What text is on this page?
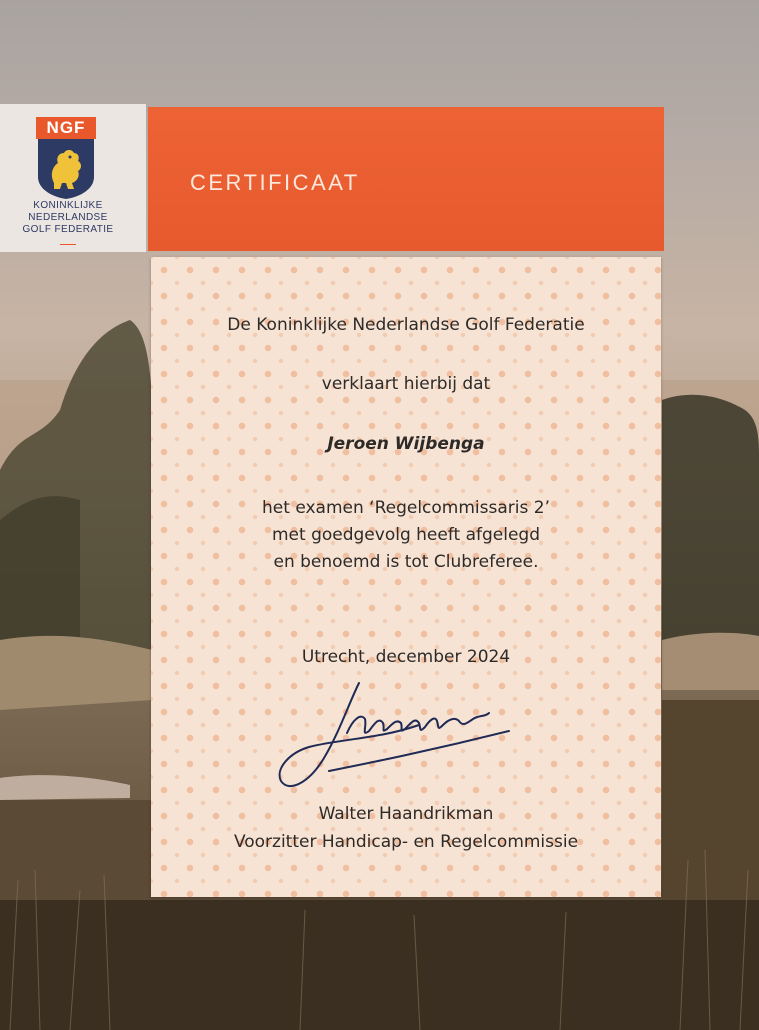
NGF
KONINKLIJKE
NEDERLANDSE
GOLF FEDERATIE
CERTIFICAAT
De Koninklijke Nederlandse Golf Federatie
verklaart hierbij dat
Jeroen Wijbenga
het examen ‘Regelcommissaris 2’
met goedgevolg heeft afgelegd
en benoemd is tot Clubreferee.
Utrecht, december 2024
Walter Haandrikman
Voorzitter Handicap- en Regelcommissie
